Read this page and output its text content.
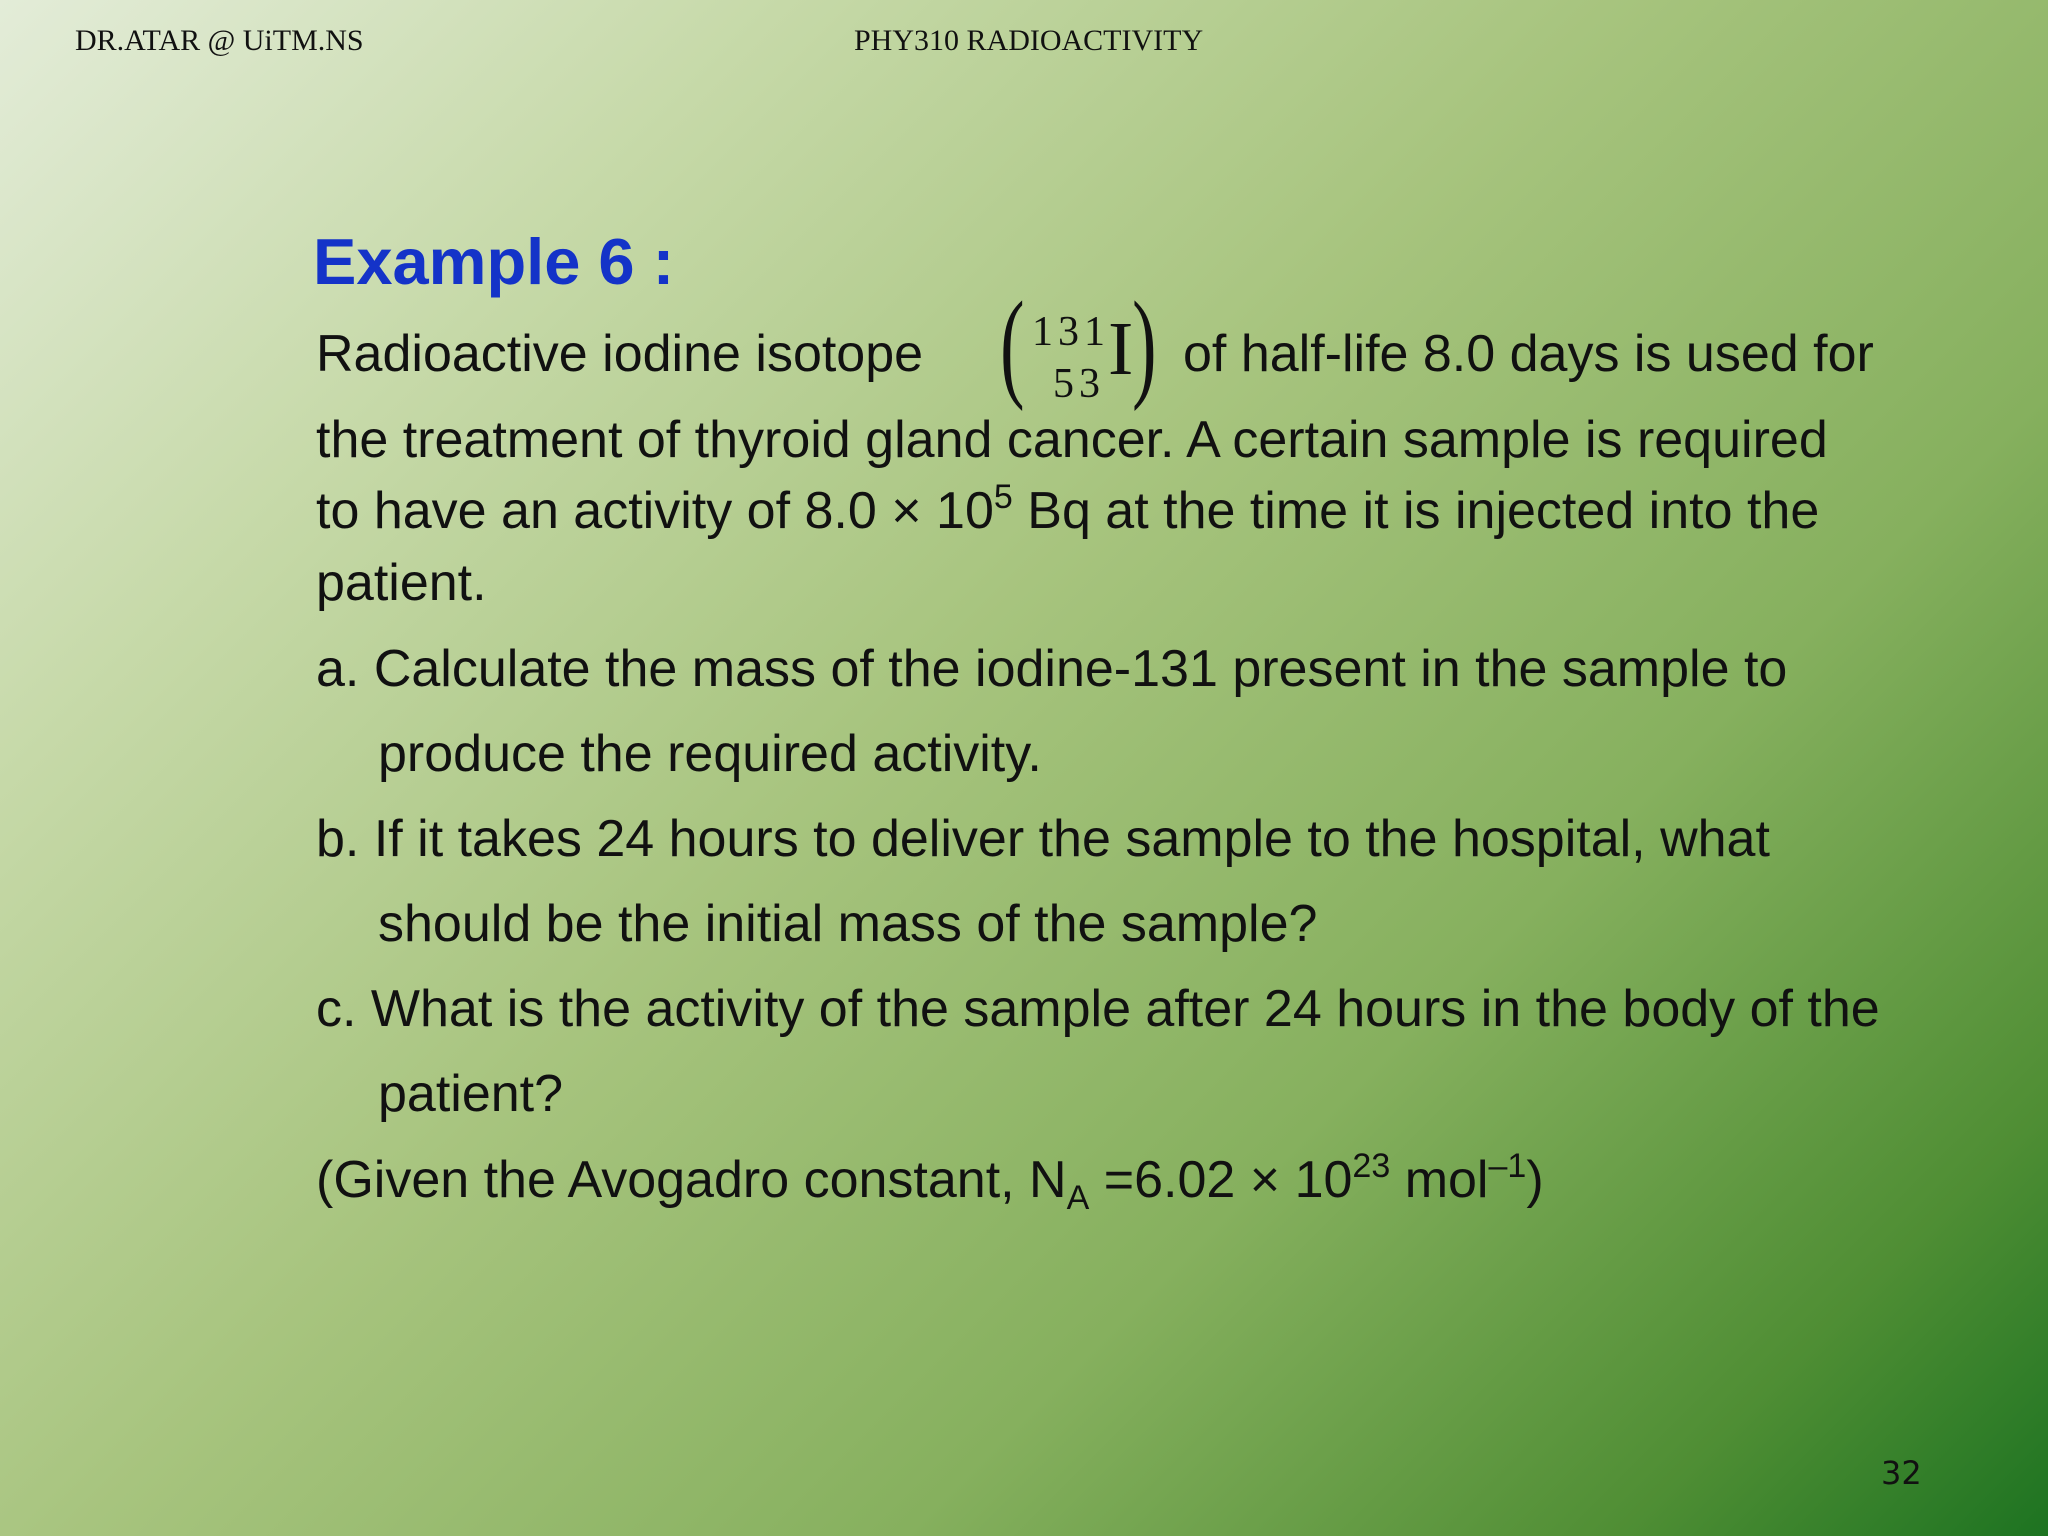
DR.ATAR @ UiTM.NS	PHY310 RADIOACTIVITY
Example 6 :
Radioactive iodine isotope ( 131
53 I
) of half-life 8.0 days is used for
the treatment of thyroid gland cancer. A certain sample is required
to have an activity of $8.0 \times 10^5$ Bq at the time it is injected into the
patient.
a. Calculate the mass of the iodine-131 present in the sample to
produce the required activity.
b. If it takes 24 hours to deliver the sample to the hospital, what
should be the initial mass of the sample?
c. What is the activity of the sample after 24 hours in the body of the
patient?
(Given the Avogadro constant, $N_A =6.02 \times 10^{23}$ mol$^{-1}$)
32
